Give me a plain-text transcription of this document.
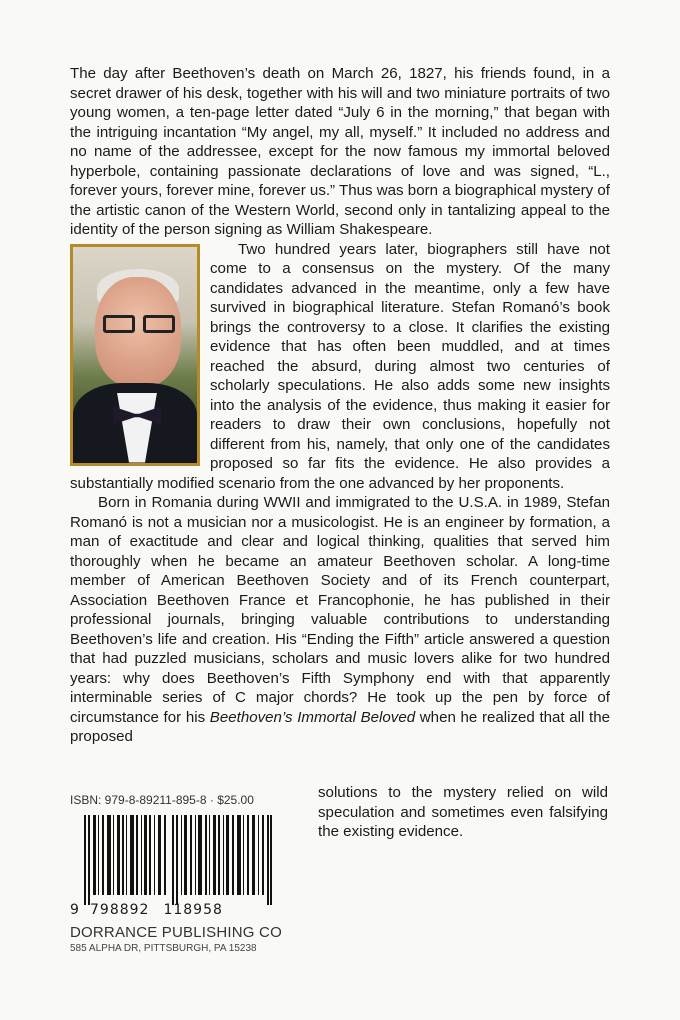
The day after Beethoven’s death on March 26, 1827, his friends found, in a secret drawer of his desk, together with his will and two miniature portraits of two young women, a ten-page letter dated “July 6 in the morning,” that began with the intriguing incantation “My angel, my all, myself.” It included no address and no name of the addressee, except for the now famous my immortal beloved hyperbole, containing passionate declarations of love and was signed, “L., forever yours, forever mine, forever us.” Thus was born a biographical mystery of the artistic canon of the Western World, second only in tantalizing appeal to the identity of the person signing as William Shakespeare.

Two hundred years later, biographers still have not come to a consensus on the mystery. Of the many candidates advanced in the meantime, only a few have survived in biographical literature. Stefan Romanó’s book brings the controversy to a close. It clarifies the existing evidence that has often been muddled, and at times reached the absurd, during almost two centuries of scholarly speculations. He also adds some new insights into the analysis of the evidence, thus making it easier for readers to draw their own conclusions, hopefully not different from his, namely, that only one of the candidates proposed so far fits the evidence. He also provides a substantially modified scenario from the one advanced by her proponents.

Born in Romania during WWII and immigrated to the U.S.A. in 1989, Stefan Romanó is not a musician nor a musicologist. He is an engineer by formation, a man of exactitude and clear and logical thinking, qualities that served him thoroughly when he became an amateur Beethoven scholar. A long-time member of American Beethoven Society and of its French counterpart, Association Beethoven France et Francophonie, he has published in their professional journals, bringing valuable contributions to understanding Beethoven’s life and creation. His “Ending the Fifth” article answered a question that had puzzled musicians, scholars and music lovers alike for two hundred years: why does Beethoven’s Fifth Symphony end with that apparently interminable series of C major chords? He took up the pen by force of circumstance for his Beethoven’s Immortal Beloved when he realized that all the proposed

solutions to the mystery relied on wild speculation and sometimes even falsifying the existing evidence.
ISBN: 979-8-89211-895-8 · $25.00
9 798892 118958
DORRANCE PUBLISHING CO
585 ALPHA DR, PITTSBURGH, PA 15238
